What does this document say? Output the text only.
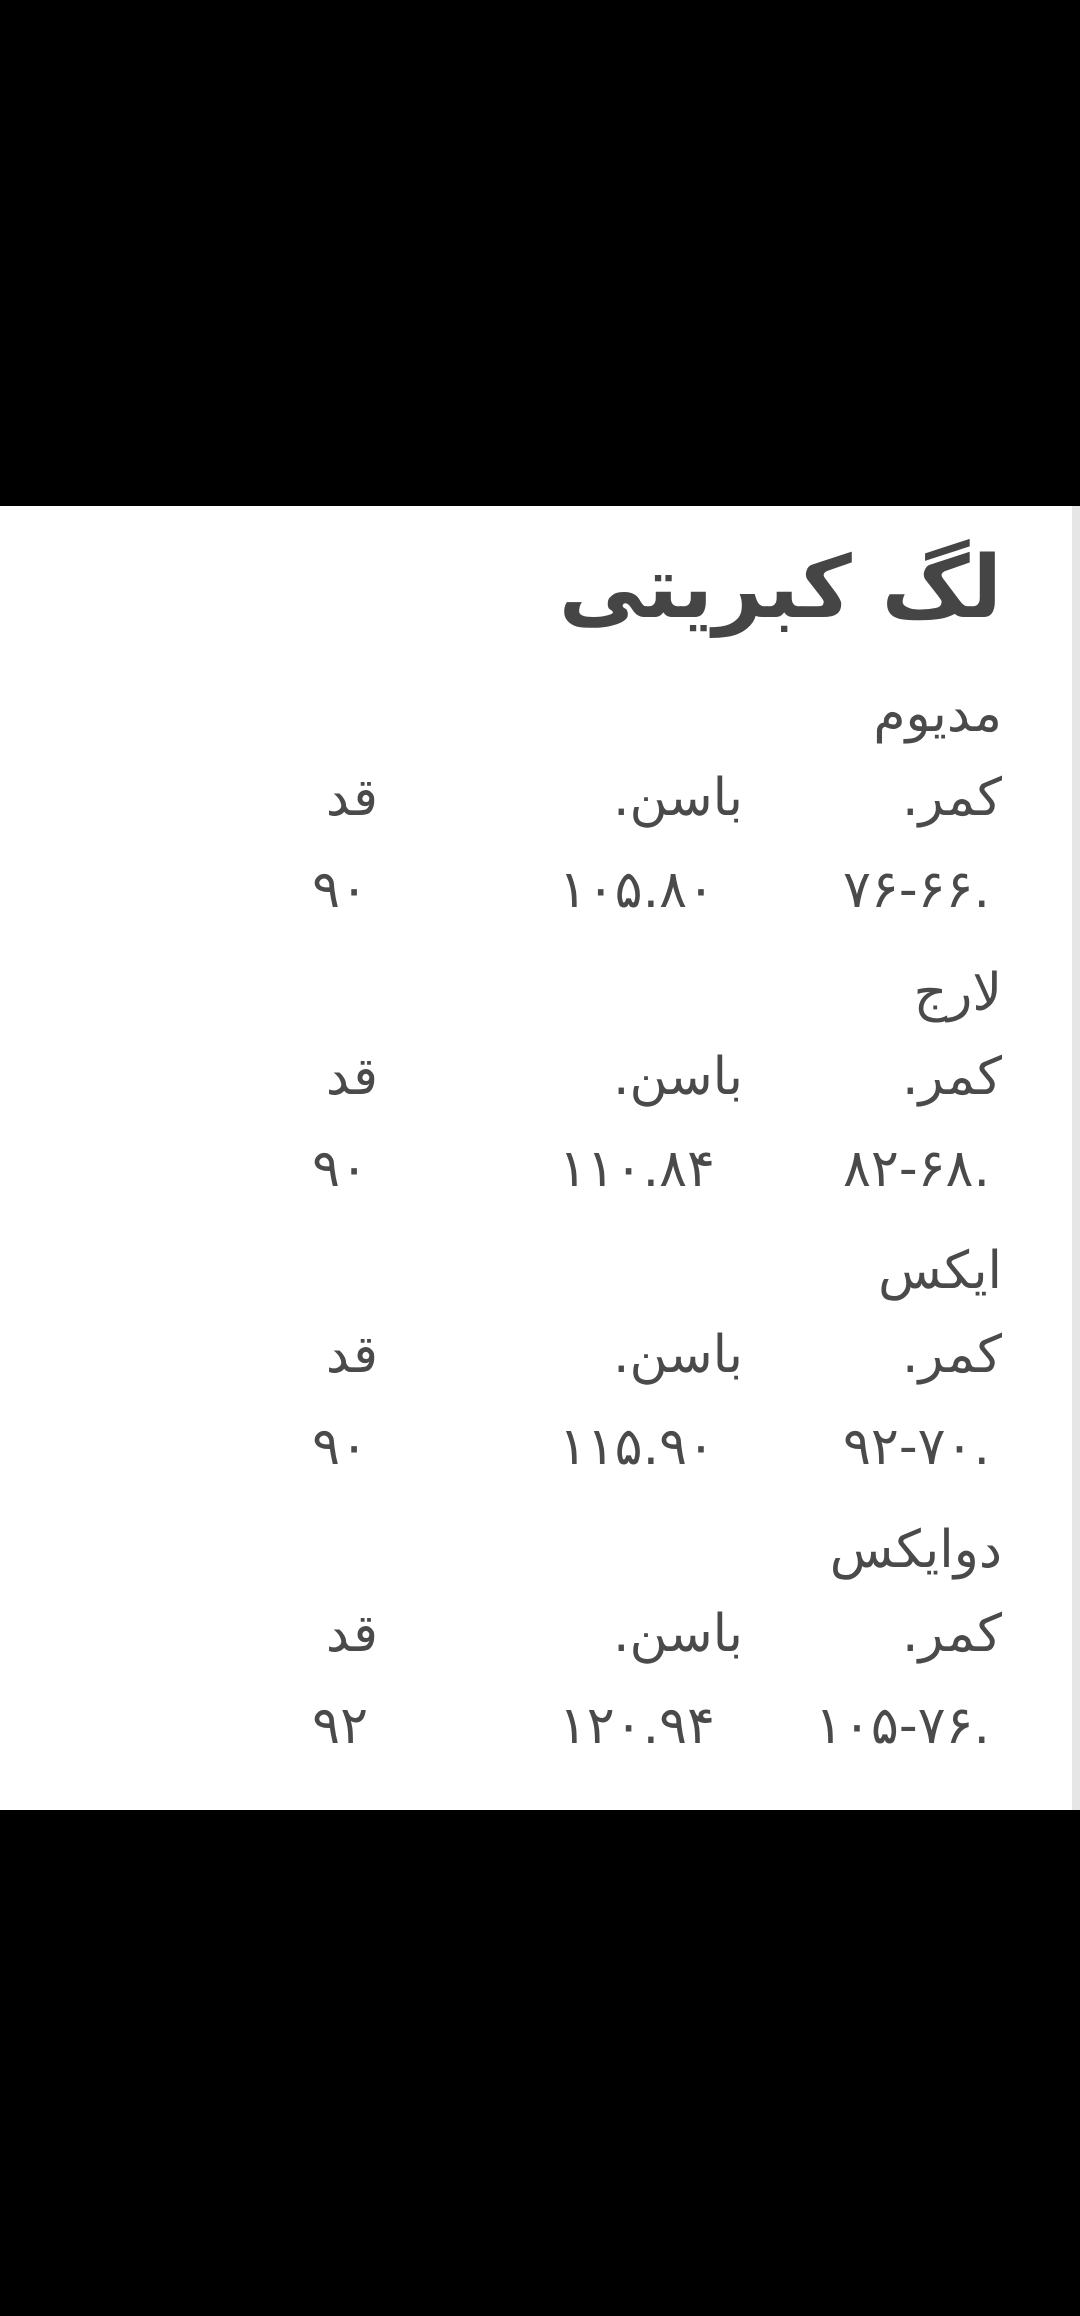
لگ کبریتی
مدیوم
کمر.
باسن.
قد
.۷۶-۶۶
۱۰۵.۸۰
۹۰
لارج
کمر.
باسن.
قد
.۸۲-۶۸
۱۱۰.۸۴
۹۰
ایکس
کمر.
باسن.
قد
.۹۲-۷۰
۱۱۵.۹۰
۹۰
دوایکس
کمر.
باسن.
قد
.۱۰۵-۷۶
۱۲۰.۹۴
۹۲
